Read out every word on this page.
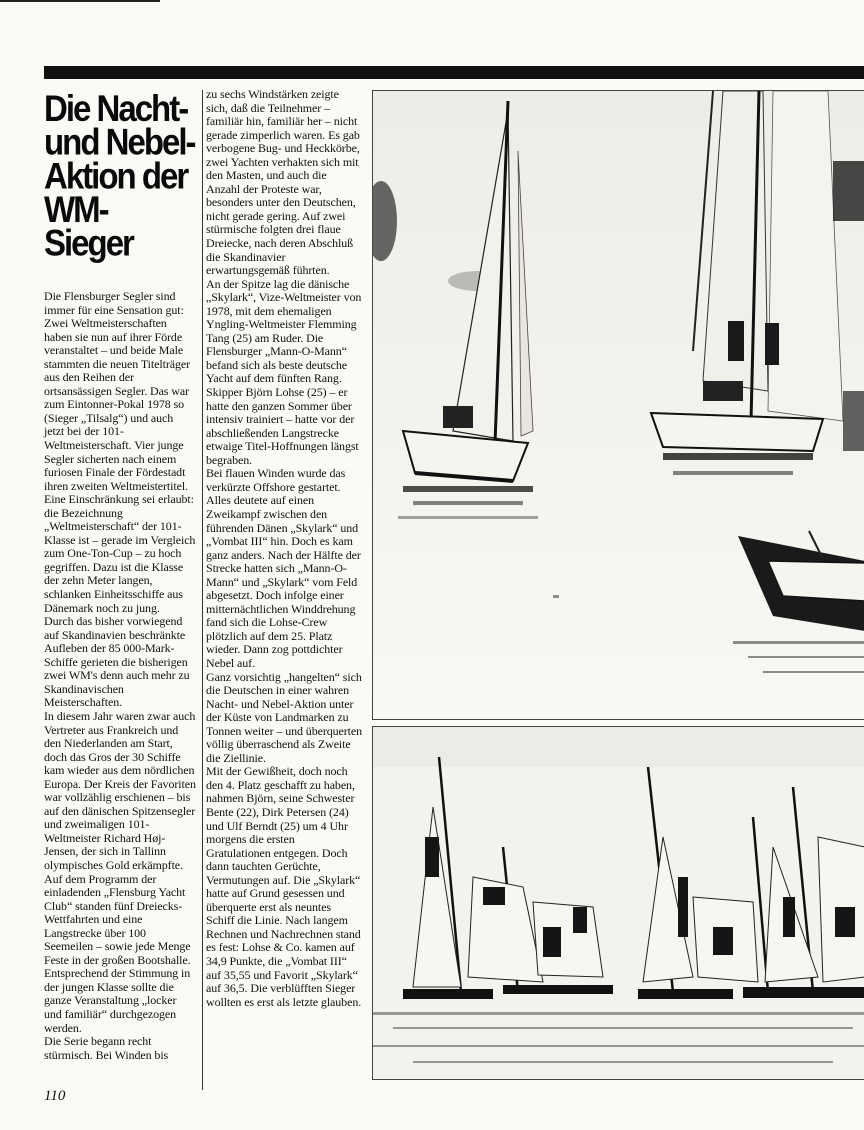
Die Nacht- und Nebel-Aktion der WM-Sieger

Die Flensburger Segler sind immer für eine Sensation gut: Zwei Weltmeisterschaften haben sie nun auf ihrer Förde veranstaltet – und beide Male stammten die neuen Titelträger aus den Reihen der ortsansässigen Segler. Das war zum Eintonner-Pokal 1978 so (Sieger „Tilsalg“) und auch jetzt bei der 101-Weltmeisterschaft. Vier junge Segler sicherten nach einem furiosen Finale der Fördestadt ihren zweiten Weltmeistertitel.

Eine Einschränkung sei erlaubt: die Bezeichnung „Weltmeisterschaft“ der 101-Klasse ist – gerade im Vergleich zum One-Ton-Cup – zu hoch gegriffen. Dazu ist die Klasse der zehn Meter langen, schlanken Einheitsschiffe aus Dänemark noch zu jung.

Durch das bisher vorwiegend auf Skandinavien beschränkte Aufleben der 85 000-Mark-Schiffe gerieten die bisherigen zwei WM's denn auch mehr zu Skandinavischen Meisterschaften.

In diesem Jahr waren zwar auch Vertreter aus Frankreich und den Niederlanden am Start, doch das Gros der 30 Schiffe kam wieder aus dem nördlichen Europa. Der Kreis der Favoriten war vollzählig erschienen – bis auf den dänischen Spitzensegler und zweimaligen 101-Weltmeister Richard Høj-Jensen, der sich in Tallinn olympisches Gold erkämpfte. Auf dem Programm der einladenden „Flensburg Yacht Club“ standen fünf Dreiecks-Wettfahrten und eine Langstrecke über 100 Seemeilen – sowie jede Menge Feste in der großen Bootshalle. Entsprechend der Stimmung in der jungen Klasse sollte die ganze Veranstaltung „locker und familiär“ durchgezogen werden.

Die Serie begann recht stürmisch. Bei Winden bis

zu sechs Windstärken zeigte sich, daß die Teilnehmer – familiär hin, familiär her – nicht gerade zimperlich waren. Es gab verbogene Bug- und Heckkörbe, zwei Yachten verhakten sich mit den Masten, und auch die Anzahl der Proteste war, besonders unter den Deutschen, nicht gerade gering. Auf zwei stürmische folgten drei flaue Dreiecke, nach deren Abschluß die Skandinavier erwartungsgemäß führten.

An der Spitze lag die dänische „Skylark“, Vize-Weltmeister von 1978, mit dem ehemaligen Yngling-Weltmeister Flemming Tang (25) am Ruder. Die Flensburger „Mann-O-Mann“ befand sich als beste deutsche Yacht auf dem fünften Rang. Skipper Björn Lohse (25) – er hatte den ganzen Sommer über intensiv trainiert – hatte vor der abschließenden Langstrecke etwaige Titel-Hoffnungen längst begraben.

Bei flauen Winden wurde das verkürzte Offshore gestartet. Alles deutete auf einen Zweikampf zwischen den führenden Dänen „Skylark“ und „Vombat III“ hin. Doch es kam ganz anders. Nach der Hälfte der Strecke hatten sich „Mann-O-Mann“ und „Skylark“ vom Feld abgesetzt. Doch infolge einer mitternächtlichen Winddrehung fand sich die Lohse-Crew plötzlich auf dem 25. Platz wieder. Dann zog pottdichter Nebel auf.

Ganz vorsichtig „hangelten“ sich die Deutschen in einer wahren Nacht- und Nebel-Aktion unter der Küste von Landmarken zu Tonnen weiter – und überquerten völlig überraschend als Zweite die Ziellinie.

Mit der Gewißheit, doch noch den 4. Platz geschafft zu haben, nahmen Björn, seine Schwester Bente (22), Dirk Petersen (24) und Ulf Berndt (25) um 4 Uhr morgens die ersten Gratulationen entgegen. Doch dann tauchten Gerüchte, Vermutungen auf. Die „Skylark“ hatte auf Grund gesessen und überquerte erst als neuntes Schiff die Linie. Nach langem Rechnen und Nachrechnen stand es fest: Lohse & Co. kamen auf 34,9 Punkte, die „Vombat III“ auf 35,55 und Favorit „Skylark“ auf 36,5. Die verblüfften Sieger wollten es erst als letzte glauben.

110
